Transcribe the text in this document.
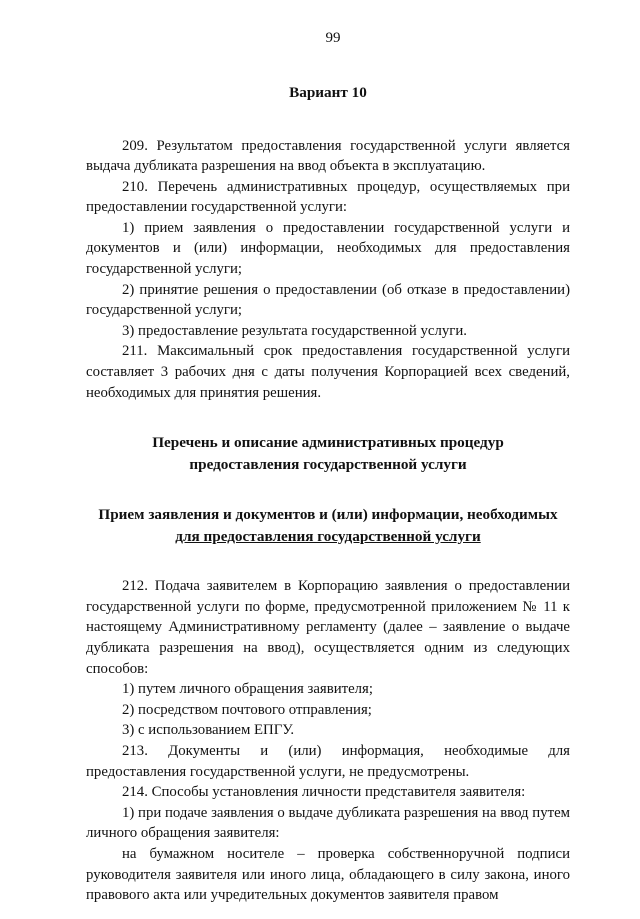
99
Вариант 10

209. Результатом предоставления государственной услуги является выдача дубликата разрешения на ввод объекта в эксплуатацию.

210. Перечень административных процедур, осуществляемых при предоставлении государственной услуги:

1) прием заявления о предоставлении государственной услуги и документов и (или) информации, необходимых для предоставления государственной услуги;

2) принятие решения о предоставлении (об отказе в предоставлении) государственной услуги;

3) предоставление результата государственной услуги.

211. Максимальный срок предоставления государственной услуги составляет 3 рабочих дня с даты получения Корпорацией всех сведений, необходимых для принятия решения.

Перечень и описание административных процедур
предоставления государственной услуги
Прием заявления и документов и (или) информации, необходимых
для предоставления государственной услуги

212. Подача заявителем в Корпорацию заявления о предоставлении государственной услуги по форме, предусмотренной приложением № 11 к настоящему Административному регламенту (далее – заявление о выдаче дубликата разрешения на ввод), осуществляется одним из следующих способов:

1) путем личного обращения заявителя;

2) посредством почтового отправления;

3) с использованием ЕПГУ.

213. Документы и (или) информация, необходимые для предоставления государственной услуги, не предусмотрены.

214. Способы установления личности представителя заявителя:

1) при подаче заявления о выдаче дубликата разрешения на ввод путем личного обращения заявителя:

на бумажном носителе – проверка собственноручной подписи руководителя заявителя или иного лица, обладающего в силу закона, иного правового акта или учредительных документов заявителя правом
